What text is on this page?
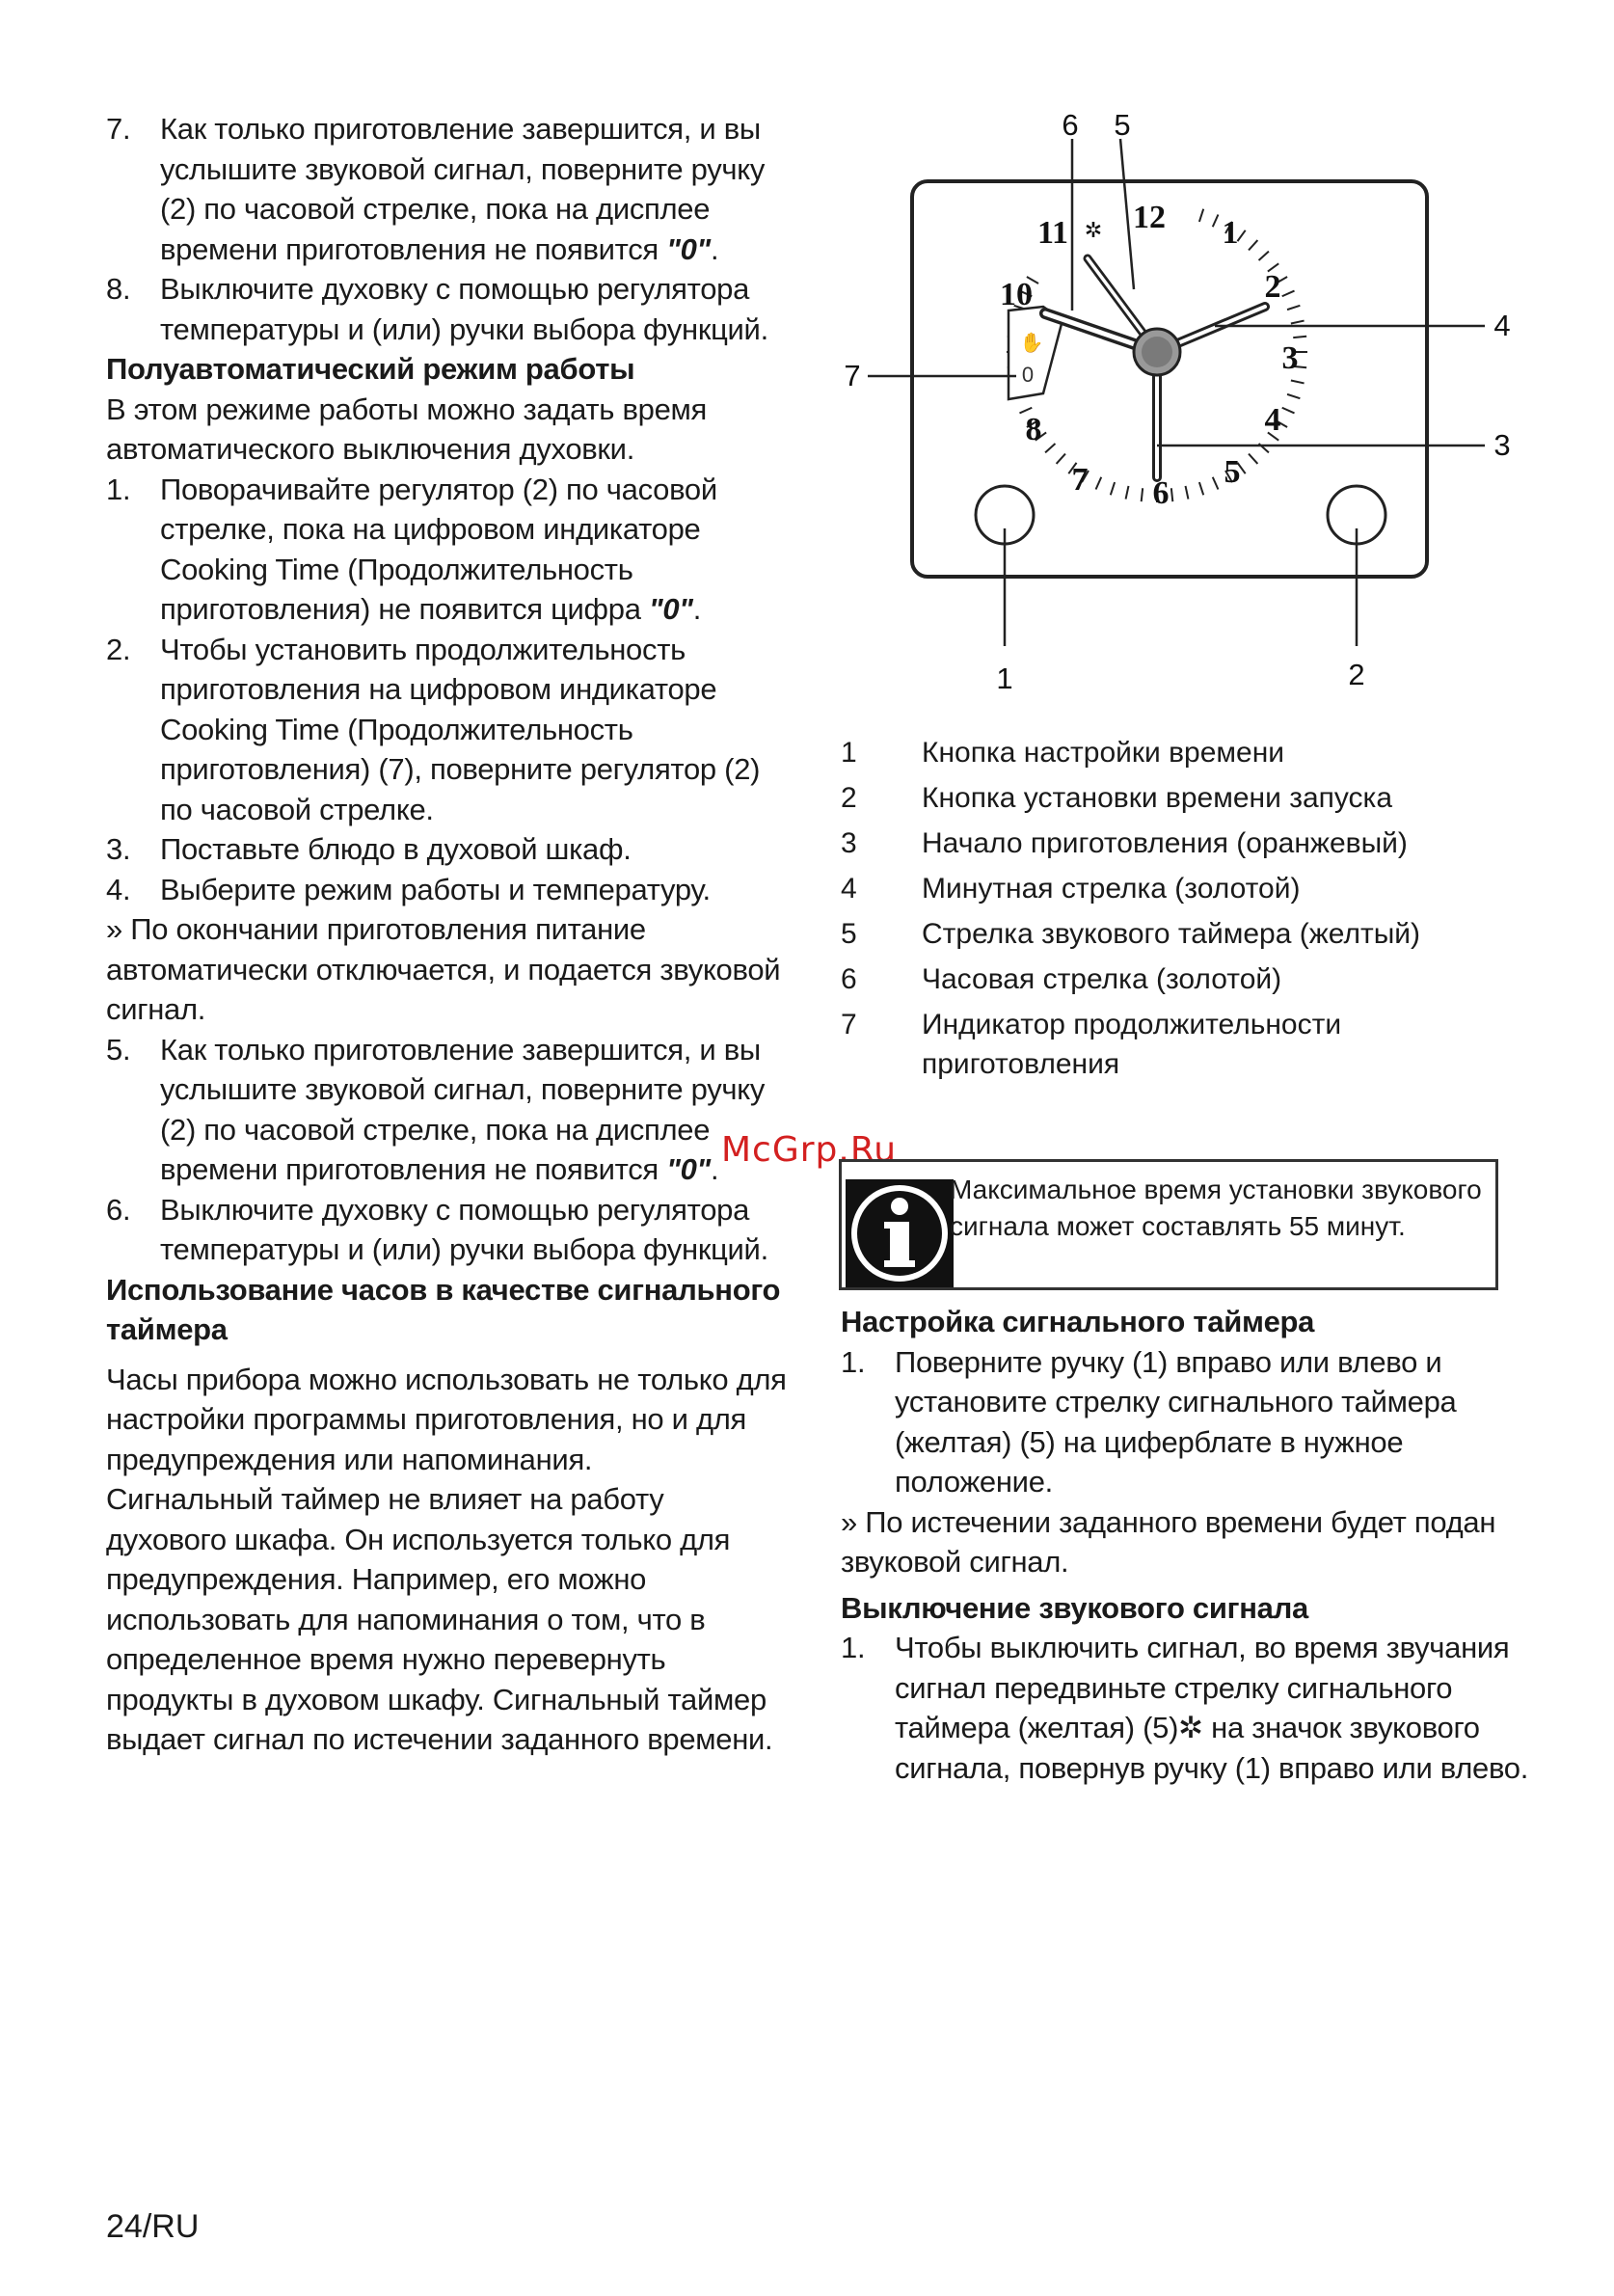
7. Как только приготовление завершится, и вы услышите звуковой сигнал, поверните ручку (2) по часовой стрелке, пока на дисплее времени приготовления не появится "0".
8. Выключите духовку с помощью регулятора температуры и (или) ручки выбора функций.
Полуавтоматический режим работы
В этом режиме работы можно задать время автоматического выключения духовки.
1. Поворачивайте регулятор (2) по часовой стрелке, пока на цифровом индикаторе Cooking Time (Продолжительность приготовления) не появится цифра "0".
2. Чтобы установить продолжительность приготовления на цифровом индикаторе Cooking Time (Продолжительность приготовления) (7), поверните регулятор (2) по часовой стрелке.
3. Поставьте блюдо в духовой шкаф.
4. Выберите режим работы и температуру.
» По окончании приготовления питание автоматически отключается, и подается звуковой сигнал.
5. Как только приготовление завершится, и вы услышите звуковой сигнал, поверните ручку (2) по часовой стрелке, пока на дисплее времени приготовления не появится "0".
6. Выключите духовку с помощью регулятора температуры и (или) ручки выбора функций.
Использование часов в качестве сигнального таймера
Часы прибора можно использовать не только для настройки программы приготовления, но и для предупреждения или напоминания.
Сигнальный таймер не влияет на работу духового шкафа. Он используется только для предупреждения. Например, его можно использовать для напоминания о том, что в определенное время нужно перевернуть продукты в духовом шкафу. Сигнальный таймер выдает сигнал по истечении заданного времени.
✋
0
12 1
2
3
4
5
6
7
8
10
11 ✲
6 5
4
3
7
1	2
1 Кнопка настройки времени
2 Кнопка установки времени запуска
3 Начало приготовления (оранжевый)
4 Минутная стрелка (золотой)
5 Стрелка звукового таймера (желтый)
6 Часовая стрелка (золотой)
7 Индикатор продолжительности приготовления
McGrp.Ru
Максимальное время установки звукового сигнала может составлять 55 минут.
Настройка сигнального таймера
1. Поверните ручку (1) вправо или влево и установите стрелку сигнального таймера (желтая) (5) на циферблате в нужное положение.
» По истечении заданного времени будет подан звуковой сигнал.
Выключение звукового сигнала
1. Чтобы выключить сигнал, во время звучания сигнал передвиньте стрелку сигнального таймера (желтая) (5)✲ на значок звукового сигнала, повернув ручку (1) вправо или влево.
24/RU
